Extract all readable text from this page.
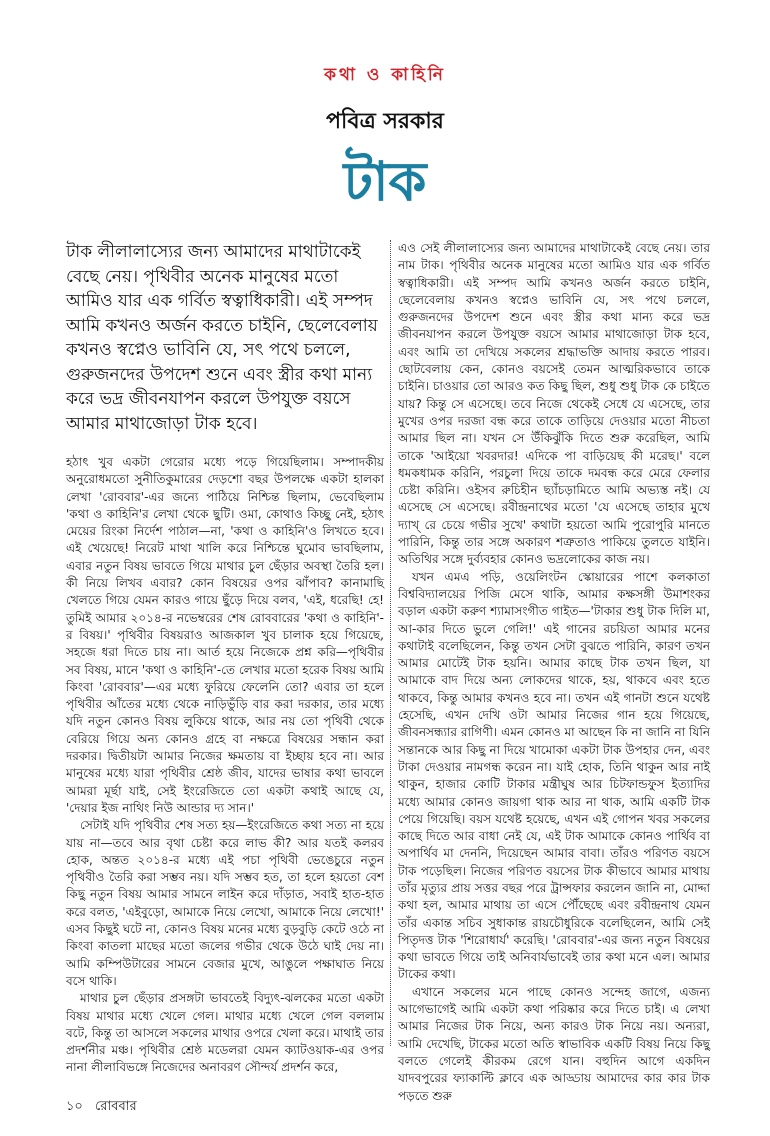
কথা ও কাহিনি
পবিত্র সরকার
টাক

টাক লীলালাস্যের জন্য আমাদের মাথাটাকেই বেছে নেয়। পৃথিবীর অনেক মানুষের মতো আমিও যার এক গর্বিত স্বত্বাধিকারী। এই সম্পদ আমি কখনও অর্জন করতে চাইনি, ছেলেবেলায় কখনও স্বপ্নেও ভাবিনি যে, সৎ পথে চললে, গুরুজনদের উপদেশ শুনে এবং স্ত্রীর কথা মান্য করে ভদ্র জীবনযাপন করলে উপযুক্ত বয়সে আমার মাথাজোড়া টাক হবে।

হঠাৎ খুব একটা গেরোর মধ্যে পড়ে গিয়েছিলাম। সম্পাদকীয় অনুরোধমতো সুনীতিকুমারের দেড়শো বছর উপলক্ষে একটা হালকা লেখা 'রোববার'-এর জন্যে পাঠিয়ে নিশ্চিন্ত ছিলাম, ভেবেছিলাম 'কথা ও কাহিনি'র লেখা থেকে ছুটি। ওমা, কোথাও কিচ্ছু নেই, হঠাৎ মেয়ের রিংকা নির্দেশ পাঠাল—না, 'কথা ও কাহিনি'ও লিখতে হবে। এই খেয়েছে! নিরেট মাথা খালি করে নিশ্চিন্তে ঘুমোব ভাবছিলাম, এবার নতুন বিষয় ভাবতে গিয়ে মাথার চুল ছেঁড়ার অবস্থা তৈরি হল। কী নিয়ে লিখব এবার? কোন বিষয়ের ওপর ঝাঁপাব? কানামাছি খেলতে গিয়ে যেমন কারও গায়ে ছুঁড়ে দিয়ে বলব, 'এই, ধরেছি! হে! তুমিই আমার ২০১৪-র নভেম্বরের শেষ রোববারের 'কথা ও কাহিনি'-র বিষয়।' পৃথিবীর বিষয়রাও আজকাল খুব চালাক হয়ে গিয়েছে, সহজে ধরা দিতে চায় না। আর্ত হয়ে নিজেকে প্রশ্ন করি—পৃথিবীর সব বিষয়, মানে 'কথা ও কাহিনি'-তে লেখার মতো হরেক বিষয় আমি কিংবা 'রোববার'—এর মধ্যে ফুরিয়ে ফেলেনি তো? এবার তা হলে পৃথিবীর আঁতের মধ্যে থেকে নাড়িভুঁড়ি বার করা দরকার, তার মধ্যে যদি নতুন কোনও বিষয় লুকিয়ে থাকে, আর নয় তো পৃথিবী থেকে বেরিয়ে গিয়ে অন্য কোনও গ্রহে বা নক্ষত্রে বিষয়ের সন্ধান করা দরকার। দ্বিতীয়টা আমার নিজের ক্ষমতায় বা ইচ্ছায় হবে না। আর মানুষের মধ্যে যারা পৃথিবীর শ্রেষ্ঠ জীব, যাদের ভাষার কথা ভাবলে আমরা মূর্ছা যাই, সেই ইংরেজিতে তো একটা কথাই আছে যে, 'দেয়ার ইজ নাথিং নিউ আন্ডার দ্য সান।'

সেটাই যদি পৃথিবীর শেষ সত্য হয়—ইংরেজিতে কথা সত্য না হয়ে যায় না—তবে আর বৃথা চেষ্টা করে লাভ কী? আর যতই কলরব হোক, অন্তত ২০১৪-র মধ্যে এই পচা পৃথিবী ভেঙেচুরে নতুন পৃথিবীও তৈরি করা সম্ভব নয়। যদি সম্ভব হত, তা হলে হয়তো বেশ কিছু নতুন বিষয় আমার সামনে লাইন করে দাঁড়াত, সবাই হাত-হাত করে বলত, 'এইবুড়ো, আমাকে নিয়ে লেখো, আমাকে নিয়ে লেখো!' এসব কিছুই ঘটে না, কোনও বিষয় মনের মধ্যে বুড়বুড়ি কেটে ওঠে না কিংবা কাতলা মাছের মতো জলের গভীর থেকে উঠে ঘাই দেয় না। আমি কম্পিউটারের সামনে বেজার মুখে, আঙুলে পক্ষাঘাত নিয়ে বসে থাকি।

মাথার চুল ছেঁড়ার প্রসঙ্গটা ভাবতেই বিদ্যুৎ-ঝলকের মতো একটা বিষয় মাথার মধ্যে খেলে গেল। মাথার মধ্যে খেলে গেল বললাম বটে, কিন্তু তা আসলে সকলের মাথার ওপরে খেলা করে। মাথাই তার প্রদর্শনীর মঞ্চ। পৃথিবীর শ্রেষ্ঠ মডেলরা যেমন ক্যাটওয়াক-এর ওপর নানা লীলাবিভঙ্গে নিজেদের অনাবরণ সৌন্দর্য প্রদর্শন করে,

এও সেই লীলালাস্যের জন্য আমাদের মাথাটাকেই বেছে নেয়। তার নাম টাক। পৃথিবীর অনেক মানুষের মতো আমিও যার এক গর্বিত স্বত্বাধিকারী। এই সম্পদ আমি কখনও অর্জন করতে চাইনি, ছেলেবেলায় কখনও স্বপ্নেও ভাবিনি যে, সৎ পথে চললে, গুরুজনদের উপদেশ শুনে এবং স্ত্রীর কথা মান্য করে ভদ্র জীবনযাপন করলে উপযুক্ত বয়সে আমার মাথাজোড়া টাক হবে, এবং আমি তা দেখিয়ে সকলের শ্রদ্ধাভক্তি আদায় করতে পারব। ছোটবেলায় কেন, কোনও বয়সেই তেমন আত্মরিকভাবে তাকে চাইনি। চাওয়ার তো আরও কত কিছু ছিল, শুধু শুধু টাক কে চাইতে যায়? কিন্তু সে এসেছে। তবে নিজে থেকেই সেধে যে এসেছে, তার মুখের ওপর দরজা বন্ধ করে তাকে তাড়িয়ে দেওয়ার মতো নীচতা আমার ছিল না। যখন সে উঁকিঝুঁকি দিতে শুরু করেছিল, আমি তাকে 'আইয়ো খবরদার! এদিকে পা বাড়িয়েছ কী মরেছ।' বলে ধমকধামক করিনি, পরচুলা দিয়ে তাকে দমবন্ধ করে মেরে ফেলার চেষ্টা করিনি। ওইসব রুচিহীন ছ্যাঁচড়ামিতে আমি অভ্যস্ত নই। যে এসেছে সে এসেছে। রবীন্দ্রনাথের মতো 'যে এসেছে তাহার মুখে দ্যাখ্ রে চেয়ে গভীর সুখে' কথাটা হয়তো আমি পুরোপুরি মানতে পারিনি, কিন্তু তার সঙ্গে অকারণ শত্রুতাও পাকিয়ে তুলতে যাইনি। অতিথির সঙ্গে দুর্ব্যবহার কোনও ভদ্রলোকের কাজ নয়।

যখন এমএ পড়ি, ওয়েলিংটন স্কোয়ারের পাশে কলকাতা বিশ্ববিদ্যালয়ের পিজি মেসে থাকি, আমার কক্ষসঙ্গী উমাশংকর বড়াল একটা করুণ শ্যামাসংগীত গাইত—'টাকার শুধু টাক দিলি মা, আ-কার দিতে ভুলে গেলি!' এই গানের রচয়িতা আমার মনের কথাটাই বলেছিলেন, কিন্তু তখন সেটা বুঝতে পারিনি, কারণ তখন আমার মোটেই টাক হয়নি। আমার কাছে টাক তখন ছিল, যা আমাকে বাদ দিয়ে অন্য লোকদের থাকে, হয়, থাকবে এবং হতে থাকবে, কিন্তু আমার কখনও হবে না। তখন এই গানটা শুনে যথেষ্ট হেসেছি, এখন দেখি ওটা আমার নিজের গান হয়ে গিয়েছে, জীবনসন্ধ্যার রাগিণী। এমন কোনও মা আছেন কি না জানি না যিনি সন্তানকে আর কিছু না দিয়ে খামোকা একটা টাক উপহার দেন, এবং টাকা দেওয়ার নামগন্ধ করেন না। যাই হোক, তিনি থাকুন আর নাই থাকুন, হাজার কোটি টাকার মন্ত্রীঘুষ আর চিটফান্ডফুস ইত্যাদির মধ্যে আমার কোনও জায়গা থাক আর না থাক, আমি একটি টাক পেয়ে গিয়েছি। বয়স যথেষ্ট হয়েছে, এখন এই গোপন খবর সকলের কাছে দিতে আর বাধা নেই যে, এই টাক আমাকে কোনও পার্থিব বা অপার্থিব মা দেননি, দিয়েছেন আমার বাবা। তাঁরও পরিণত বয়সে টাক পড়েছিল। নিজের পরিণত বয়সের টাক কীভাবে আমার মাথায় তাঁর মৃত্যুর প্রায় সত্তর বছর পরে ট্রান্সফার করলেন জানি না, মোদ্দা কথা হল, আমার মাথায় তা এসে পৌঁছেছে এবং রবীন্দ্রনাথ যেমন তাঁর একান্ত সচিব সুধাকান্ত রায়চৌধুরিকে বলেছিলেন, আমি সেই পিতৃদত্ত টাক 'শিরোধার্য' করেছি। 'রোববার'-এর জন্য নতুন বিষয়ের কথা ভাবতে গিয়ে তাই অনিবার্যভাবেই তার কথা মনে এল। আমার টাকের কথা।

এখানে সকলের মনে পাছে কোনও সন্দেহ জাগে, এজন্য আগেভাগেই আমি একটা কথা পরিষ্কার করে দিতে চাই। এ লেখা আমার নিজের টাক নিয়ে, অন্য কারও টাক নিয়ে নয়। অন্যরা, আমি দেখেছি, টাকের মতো অতি স্বাভাবিক একটি বিষয় নিয়ে কিছু বলতে গেলেই কীরকম রেগে যান। বহুদিন আগে একদিন যাদবপুরের ফ্যাকাল্টি ক্লাবে এক আড্ডায় আমাদের কার কার টাক পড়তে শুরু

১০ রোববার
